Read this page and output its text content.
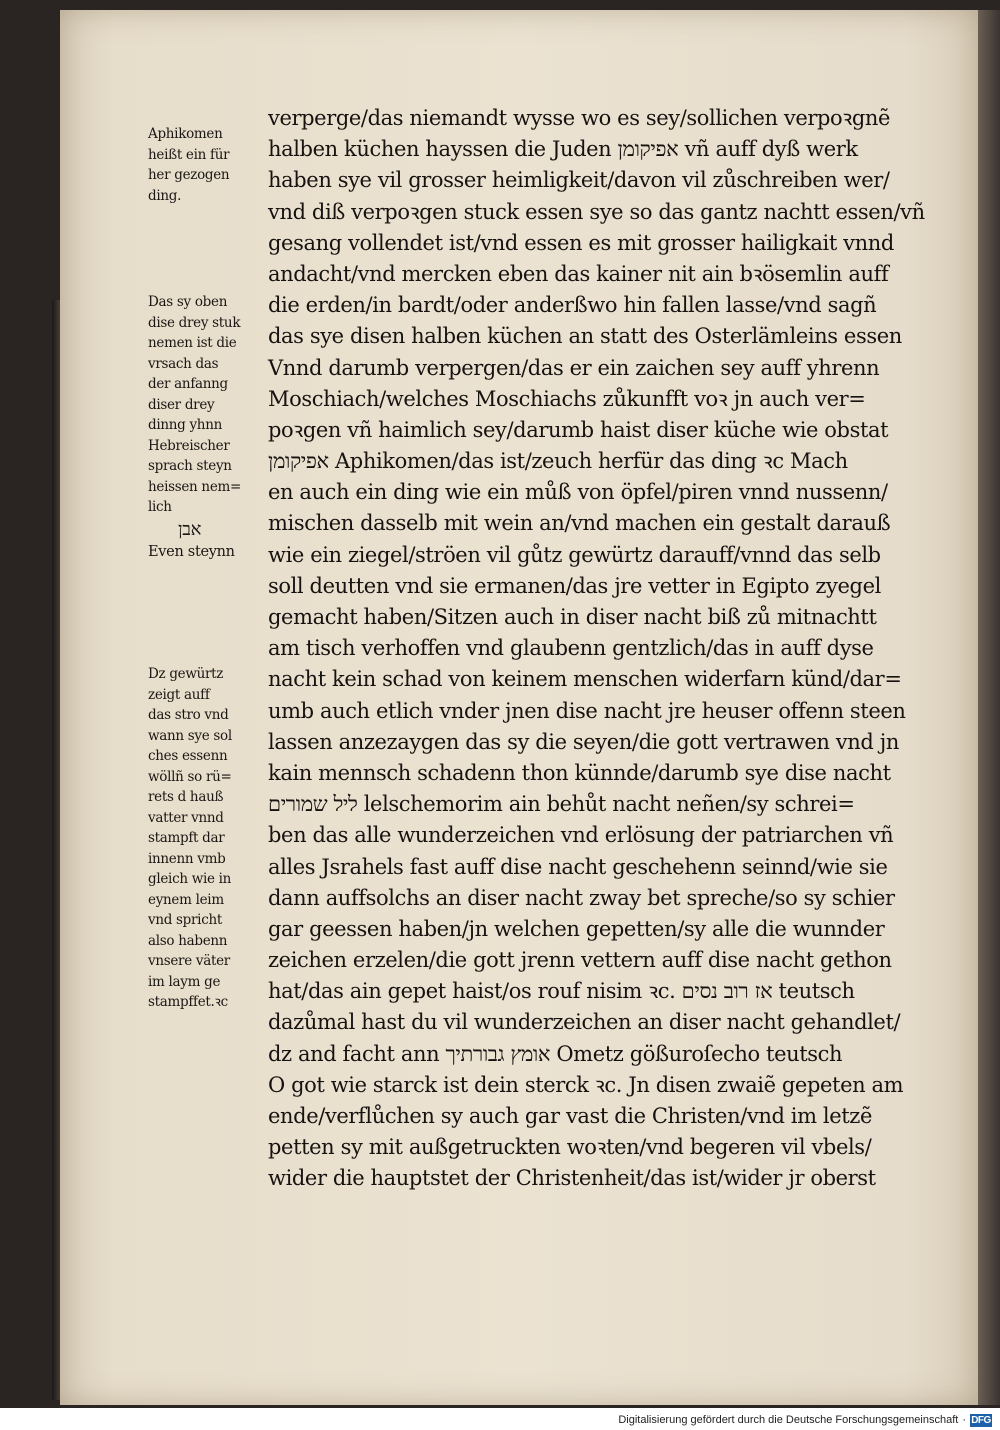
verperge/das niemandt wysse wo es sey/sollichen verpoꝛgnẽ
halben küchen hayssen die Juden אפיקומן vñ auff dyß werk
haben sye vil grosser heimligkeit/davon vil zůschreiben wer/
vnd diß verpoꝛgen stuck essen sye so das gantz nachtt essen/vñ
gesang vollendet ist/vnd essen es mit grosser hailigkait vnnd
andacht/vnd mercken eben das kainer nit ain bꝛösemlin auff
die erden/in bardt/oder anderßwo hin fallen lasse/vnd sagñ
das sye disen halben küchen an statt des Osterlämleins essen
Vnnd darumb verpergen/das er ein zaichen sey auff yhrenn
Moschiach/welches Moschiachs zůkunfft voꝛ jn auch ver=
poꝛgen vñ haimlich sey/darumb haist diser küche wie obstat
אפיקומן Aphikomen/das ist/zeuch herfür das ding ꝛc Mach
en auch ein ding wie ein můß von öpfel/piren vnnd nussenn/
mischen dasselb mit wein an/vnd machen ein gestalt darauß
wie ein ziegel/ströen vil gůtz gewürtz darauff/vnnd das selb
soll deutten vnd sie ermanen/das jre vetter in Egipto zyegel
gemacht haben/Sitzen auch in diser nacht biß zů mitnachtt
am tisch verhoffen vnd glaubenn gentzlich/das in auff dyse
nacht kein schad von keinem menschen widerfarn künd/dar=
umb auch etlich vnder jnen dise nacht jre heuser offenn steen
lassen anzezaygen das sy die seyen/die gott vertrawen vnd jn
kain mennsch schadenn thon künnde/darumb sye dise nacht
ליל שמורים lelschemorim ain behůt nacht neñen/sy schrei=
ben das alle wunderzeichen vnd erlösung der patriarchen vñ
alles Jsrahels fast auff dise nacht geschehenn seinnd/wie sie
dann auffsolchs an diser nacht zway bet spreche/so sy schier
gar geessen haben/jn welchen gepetten/sy alle die wunnder
zeichen erzelen/die gott jrenn vettern auff dise nacht gethon
hat/das ain gepet haist/os rouf nisim ꝛc. אז רוב נסים teutsch
dazůmal hast du vil wunderzeichen an diser nacht gehandlet/
dz and facht ann אומץ גבורתיך Ometz gößuroſecho teutsch
O got wie starck ist dein sterck ꝛc. Jn disen zwaiẽ gepeten am
ende/verflůchen sy auch gar vast die Christen/vnd im letzẽ
petten sy mit außgetruckten woꝛten/vnd begeren vil vbels/
wider die hauptstet der Christenheit/das ist/wider jr oberst
Aphikomen
heißt ein für
her gezogen
ding.
Das sy oben
dise drey stuk
nemen ist die
vrsach das
der anfanng
diser drey
dinng yhnn
Hebreischer
sprach steyn
heissen nem=
lich
אבן
Even steynn
Dz gewürtz
zeigt auff
das stro vnd
wann sye sol
ches essenn
wöllñ so rü=
rets d hauß
vatter vnnd
stampft dar
innenn vmb
gleich wie in
eynem leim
vnd spricht
also habenn
vnsere väter
im laym ge
stampffet.ꝛc
Digitalisierung gefördert durch die Deutsche Forschungsgemeinschaft · DFG
